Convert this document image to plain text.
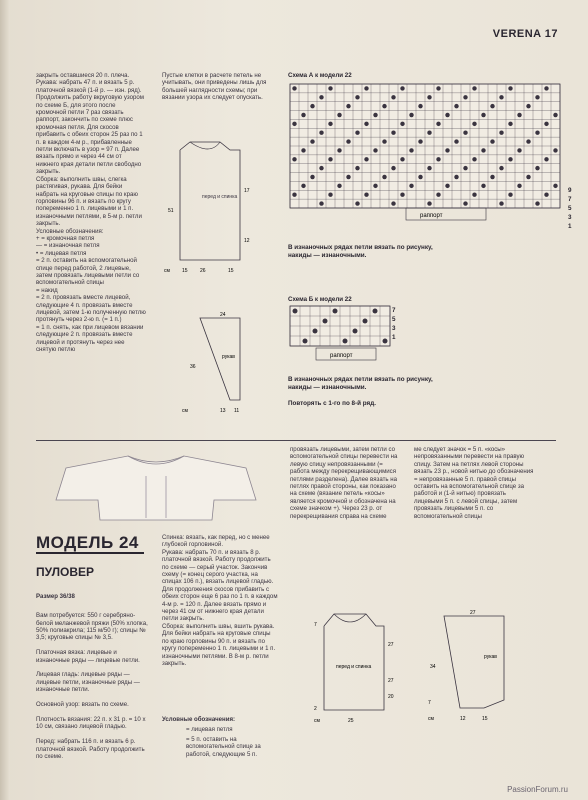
VERENA 17
закрыть оставшиеся 20 п. плеча.
Рукава: набрать 47 п. и вязать 5 р. платочной вязкой (1-й р. — изн. ряд). Продолжить работу вкруговую узором по схеме Б, для этого после кромочной петли 7 раз связать раппорт, закончить по схеме плюс кромочная петля. Для скосов прибавить с обеих сторон 25 раз по 1 п. в каждом 4-м р., прибавленные петли включать в узор = 97 п. Далее вязать прямо и через 44 см от нижнего края детали петли свободно закрыть.
Сборка: выполнить швы, слегка растягивая, рукава. Для бейки набрать на круговые спицы по краю горловины 96 п. и вязать по кругу попеременно 1 п. лицевыми и 1 п. изнаночными петлями, в 5-м р. петли закрыть.
Условные обозначения:
+ = кромочная петля
— = изнаночная петля
• = лицевая петля
= 2 п. оставить на вспомогательной спице перед работой, 2 лицевые, затем провязать лицевыми петли со вспомогательной спицы
= накид
= 2 п. провязать вместе лицевой, следующие 4 п. провязать вместе лицевой, затем 1-ю полученную петлю протянуть через 2-ю п. (= 1 п.)
= 1 п. снять, как при лицевом вязании следующие 2 п. провязать вместе лицевой и протянуть через нее снятую петлю
Пустые клетки в расчете петель не учитывать, они приведены лишь для большей наглядности схемы; при вязании узора их следует опускать.
перед и спинка
17
51
26
15	15
см
12
24
36
13 11
см
рукав
Схема А к модели 22
раппорт
9
7
5
3
1
В изнаночных рядах петли вязать по рисунку, накиды — изнаночными.
Схема Б к модели 22
раппорт
7
5
3
1
В изнаночных рядах петли вязать по рисунку, накиды — изнаночными.
Повторять с 1-го по 8-й ряд.
МОДЕЛЬ 24
ПУЛОВЕР

Размер 36/38

Вам потребуется: 550 г серебряно-белой меланжевой пряжи (50% хлопка, 50% полиакрила; 115 м/50 г); спицы № 3,5; круговые спицы № 3,5.

Платочная вязка: лицевые и изнаночные ряды — лицевые петли.

Лицевая гладь: лицевые ряды — лицевые петли, изнаночные ряды — изнаночные петли.

Основной узор: вязать по схеме.

Плотность вязания: 22 п. х 31 р. = 10 х 10 см, связано лицевой гладью.

Перед: набрать 116 п. и вязать 6 р. платочной вязкой. Работу продолжить по схеме.

Спинка: вязать, как перед, но с менее глубокой горловиной.
Рукава: набрать 70 п. и вязать 8 р. платочной вязкой. Работу продолжить по схеме — серый участок. Закончив схему (= конец серого участка, на спицах 106 п.), вязать лицевой гладью. Для продолжения скосов прибавить с обеих сторон еще 6 раз по 1 п. в каждом 4-м р. = 120 п. Далее вязать прямо и через 41 см от нижнего края детали петли закрыть.
Сборка: выполнить швы, вшить рукава. Для бейки набрать на круговые спицы по краю горловины 90 п. и вязать по кругу попеременно 1 п. лицевыми и 1 п. изнаночными петлями. В 8-м р. петли закрыть.
Условные обозначения:
= лицевая петля
= 5 п. оставить на вспомогательной спице за работой, следующие 5 п.
провязать лицевыми, затем петли со вспомогательной спицы перевести на левую спицу непровязанными (= работа между перекрещивающимися петлями разделена). Далее вязать на петлях правой стороны, как показано на схеме (вязание петель «косы» является кромочной и обозначена на схеме значком +). Через 23 р. от перекрещивания справа на схеме
ме следует значок = 5 п. «косы» непровязанными перевести на правую спицу. Затем на петлях левой стороны вязать 23 р., новой нитью до обозначения = непровязанные 5 п. правой спицы оставить на вспомогательной спице за работой и (1-й нитью) провязать лицевыми 5 п. с левой спицы, затем провязать лицевыми 5 п. со вспомогательной спицы
перед и спинка
27
27
20
25
см
7
2
27
34
12	15
см
7
рукав
PassionForum.ru
